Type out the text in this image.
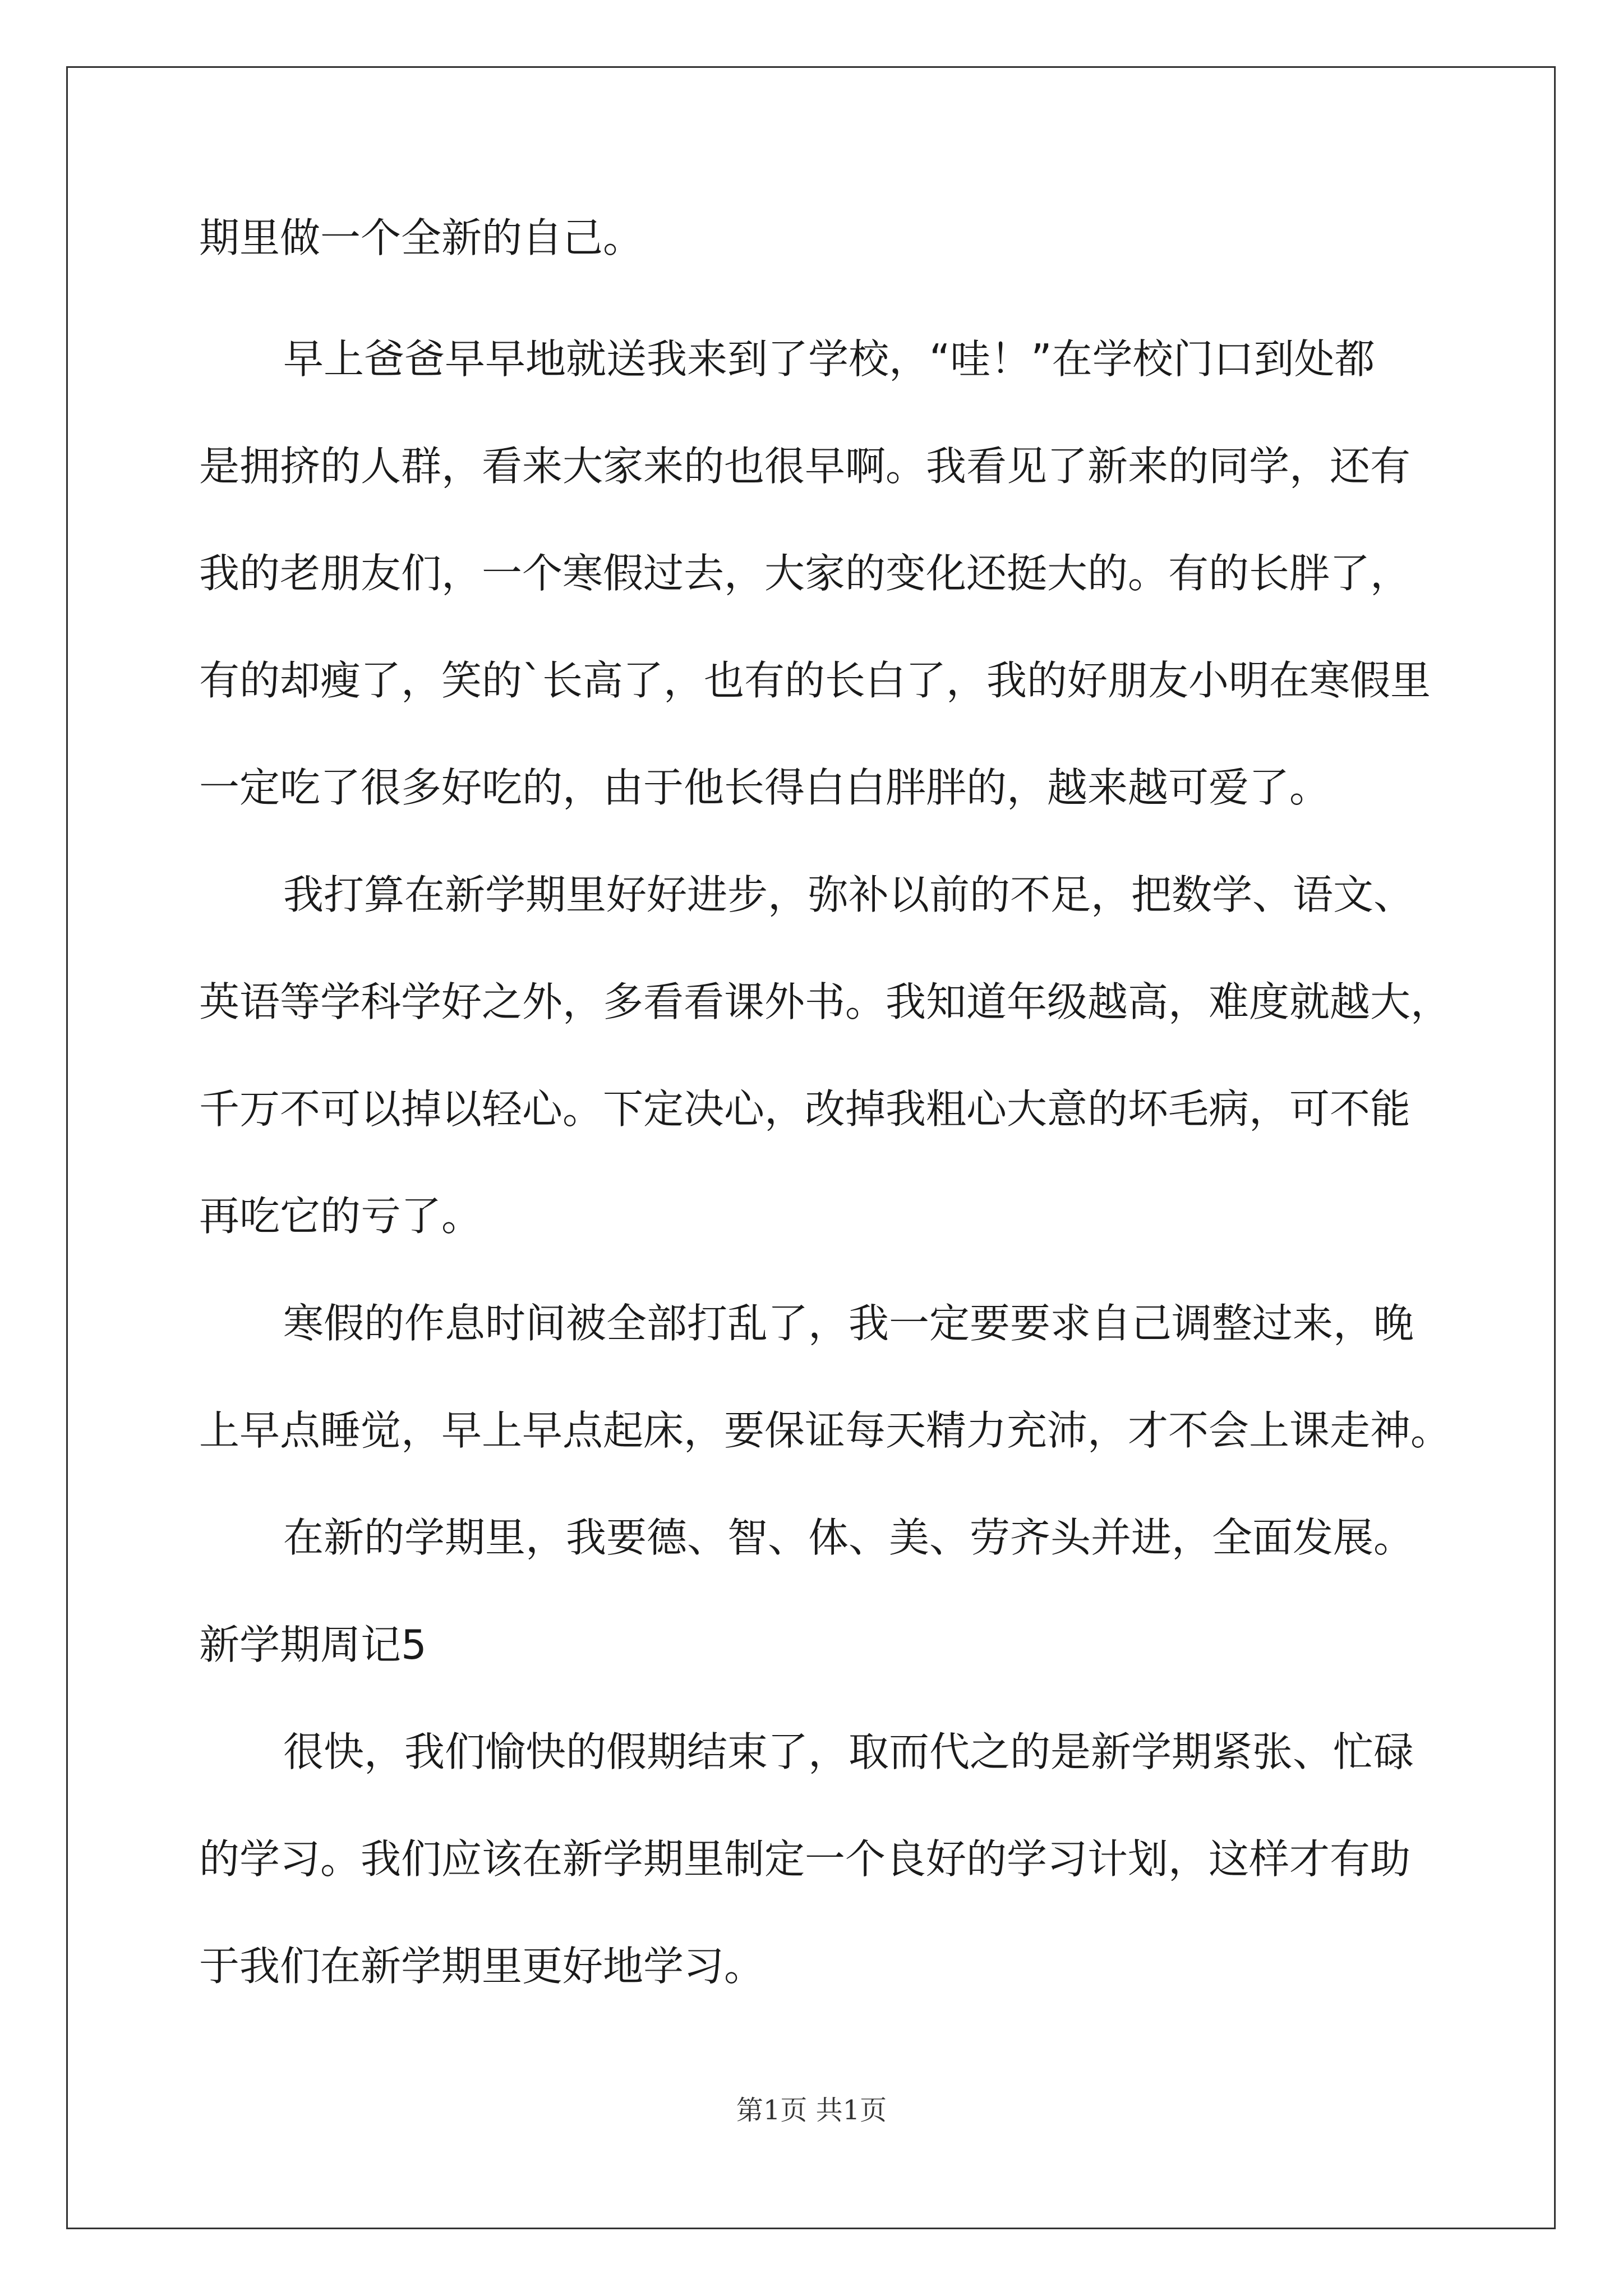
期里做一个全新的自己。
早上爸爸早早地就送我来到了学校，“哇！”在学校门口到处都
是拥挤的人群，看来大家来的也很早啊。我看见了新来的同学，还有
我的老朋友们，一个寒假过去，大家的变化还挺大的。有的长胖了，
有的却瘦了，笑的`长高了，也有的长白了，我的好朋友小明在寒假里
一定吃了很多好吃的，由于他长得白白胖胖的，越来越可爱了。
我打算在新学期里好好进步，弥补以前的不足，把数学、语文、
英语等学科学好之外，多看看课外书。我知道年级越高，难度就越大，
千万不可以掉以轻心。下定决心，改掉我粗心大意的坏毛病，可不能
再吃它的亏了。
寒假的作息时间被全部打乱了，我一定要要求自己调整过来，晚
上早点睡觉，早上早点起床，要保证每天精力充沛，才不会上课走神。
在新的学期里，我要德、智、体、美、劳齐头并进，全面发展。
新学期周记5
很快，我们愉快的假期结束了，取而代之的是新学期紧张、忙碌
的学习。我们应该在新学期里制定一个良好的学习计划，这样才有助
于我们在新学期里更好地学习。
第1页 共1页
